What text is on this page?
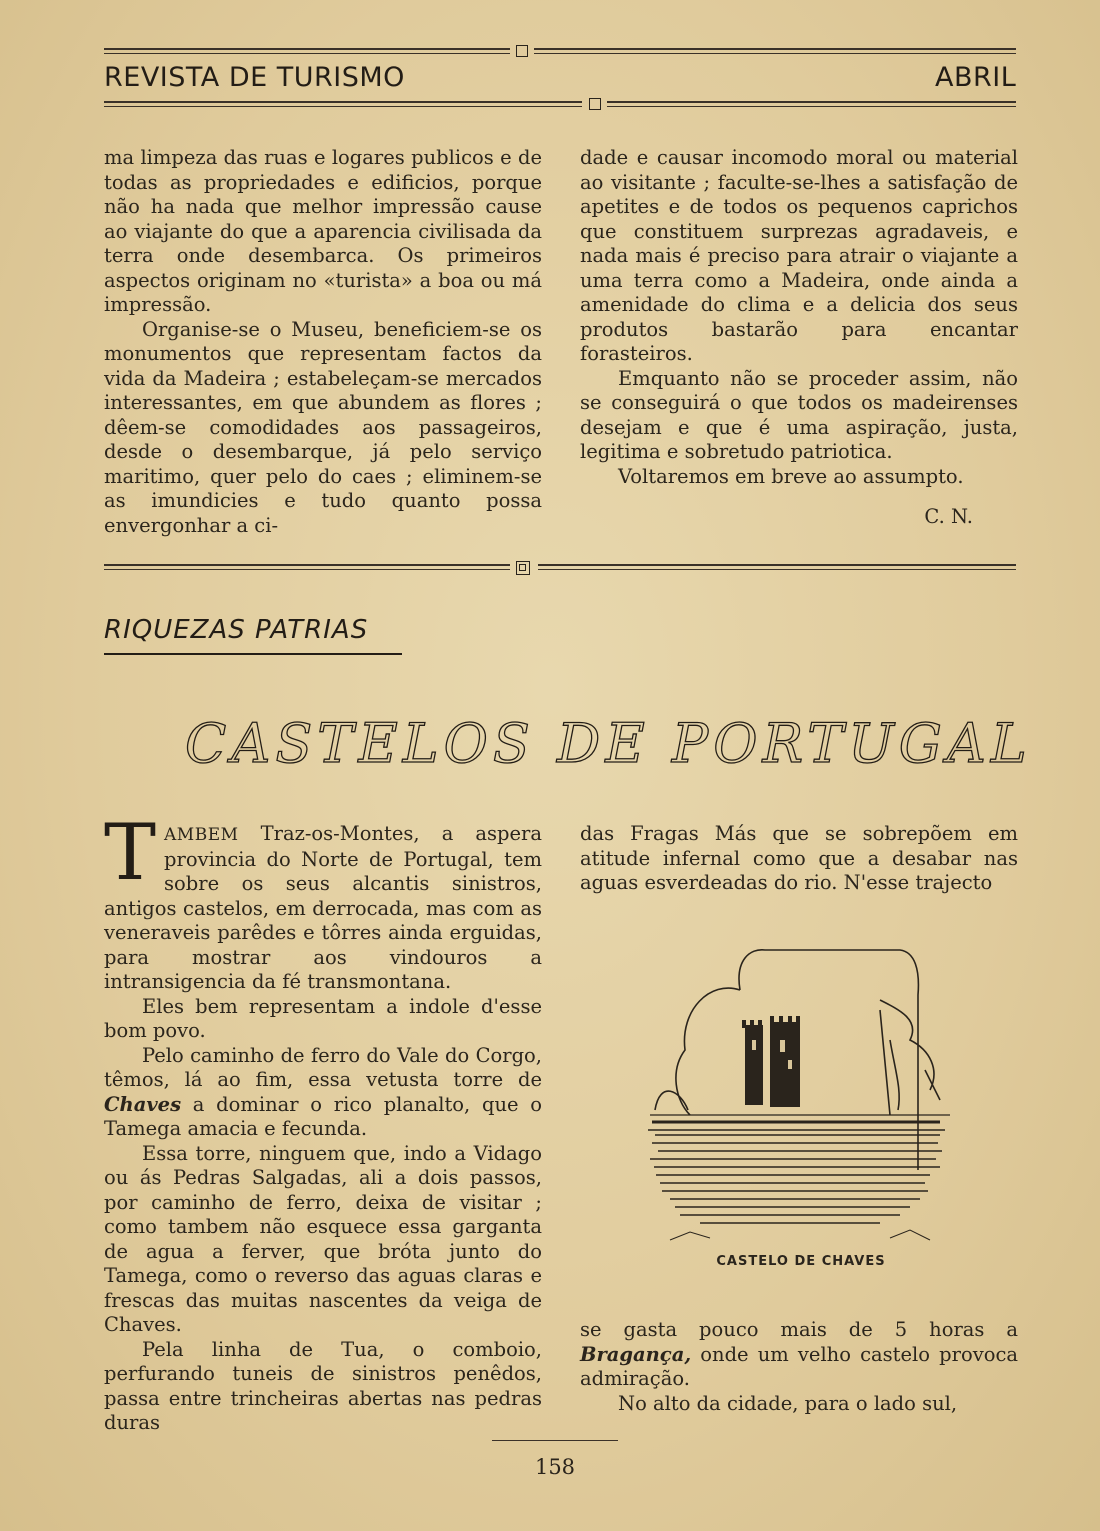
REVISTA DE TURISMO	ABRIL

ma limpeza das ruas e logares publicos e de todas as propriedades e edificios, porque não ha nada que melhor impressão cause ao viajante do que a aparencia civilisada da terra onde desembarca. Os primeiros aspectos originam no «turista» a boa ou má impressão.

Organise-se o Museu, beneficiem-se os monumentos que representam factos da vida da Madeira ; estabeleçam-se mercados interessantes, em que abundem as flores ; dêem-se comodidades aos passageiros, desde o desembarque, já pelo serviço maritimo, quer pelo do caes ; eliminem-se as imundicies e tudo quanto possa envergonhar a ci-

dade e causar incomodo moral ou material ao visitante ; faculte-se-lhes a satisfação de apetites e de todos os pequenos caprichos que constituem surprezas agradaveis, e nada mais é preciso para atrair o viajante a uma terra como a Madeira, onde ainda a amenidade do clima e a delicia dos seus produtos bastarão para encantar forasteiros.

Emquanto não se proceder assim, não se conseguirá o que todos os madeirenses desejam e que é uma aspiração, justa, legitima e sobretudo patriotica.

Voltaremos em breve ao assumpto.

C. N.

RIQUEZAS PATRIAS
CASTELOS DE PORTUGAL

TAMBEM Traz-os-Montes, a aspera provincia do Norte de Portugal, tem sobre os seus alcantis sinistros, antigos castelos, em derrocada, mas com as veneraveis parêdes e tôrres ainda erguidas, para mostrar aos vindouros a intransigencia da fé transmontana.

Eles bem representam a indole d'esse bom povo.

Pelo caminho de ferro do Vale do Corgo, têmos, lá ao fim, essa vetusta torre de Chaves a dominar o rico planalto, que o Tamega amacia e fecunda.

Essa torre, ninguem que, indo a Vidago ou ás Pedras Salgadas, ali a dois passos, por caminho de ferro, deixa de visitar ; como tambem não esquece essa garganta de agua a ferver, que bróta junto do Tamega, como o reverso das aguas claras e frescas das muitas nascentes da veiga de Chaves.

Pela linha de Tua, o comboio, perfurando tuneis de sinistros penêdos, passa entre trincheiras abertas nas pedras duras

das Fragas Más que se sobrepõem em atitude infernal como que a desabar nas aguas esverdeadas do rio. N'esse trajecto

CASTELO DE CHAVES

se gasta pouco mais de 5 horas a Bragança, onde um velho castelo provoca admiração.

No alto da cidade, para o lado sul,

158
